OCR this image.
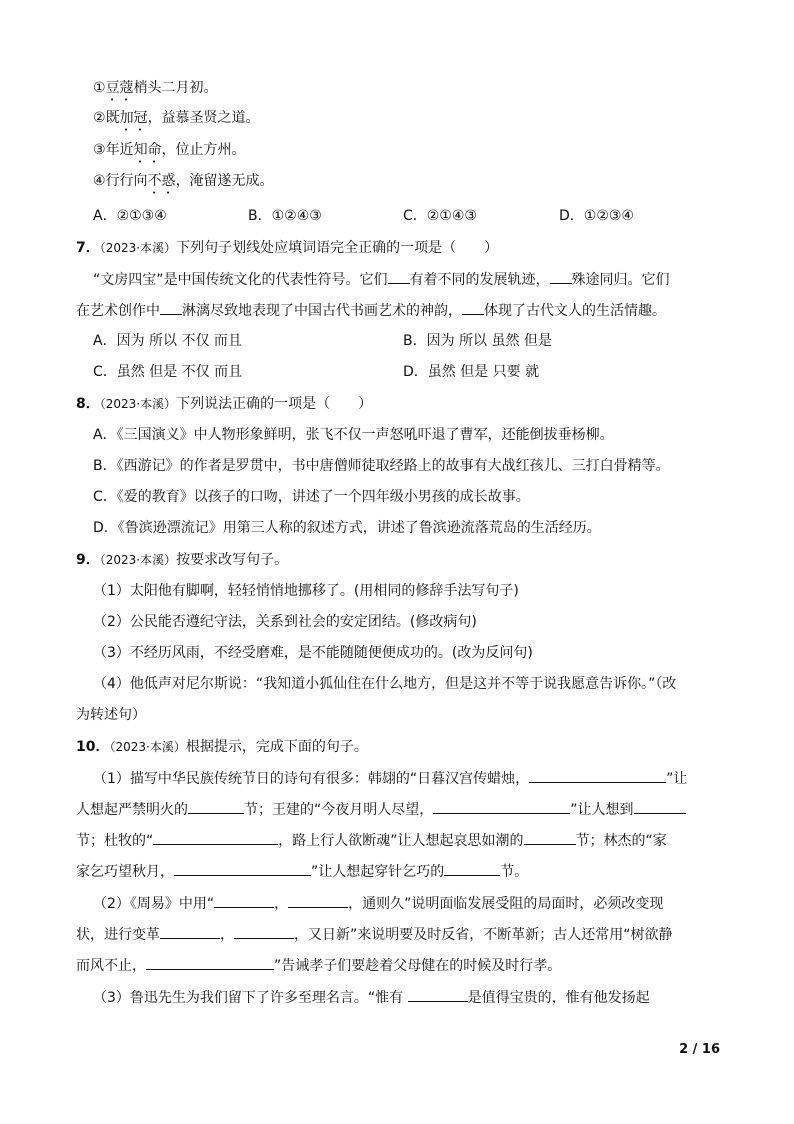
①豆蔻梢头二月初。
②既加冠，益慕圣贤之道。
③年近知命，位止方州。
④行行向不惑，淹留遂无成。
A．②①③④	B．①②④③	C．②①④③	D．①②③④
7．（2023·本溪）下列句子划线处应填词语完全正确的一项是（　　）
“文房四宝”是中国传统文化的代表性符号。它们 有着不同的发展轨迹， 殊途同归。它们
在艺术创作中 淋漓尽致地表现了中国古代书画艺术的神韵， 体现了古代文人的生活情趣。
A．因为 所以 不仅 而且	B．因为 所以 虽然 但是
C．虽然 但是 不仅 而且	D．虽然 但是 只要 就
8．（2023·本溪）下列说法正确的一项是（　　）
A．《三国演义》中人物形象鲜明，张飞不仅一声怒吼吓退了曹军，还能倒拔垂杨柳。
B．《西游记》的作者是罗贯中，书中唐僧师徒取经路上的故事有大战红孩儿、三打白骨精等。
C．《爱的教育》以孩子的口吻，讲述了一个四年级小男孩的成长故事。
D．《鲁滨逊漂流记》用第三人称的叙述方式，讲述了鲁滨逊流落荒岛的生活经历。
9．（2023·本溪）按要求改写句子。
（1）太阳他有脚啊，轻轻悄悄地挪移了。(用相同的修辞手法写句子)
（2）公民能否遵纪守法，关系到社会的安定团结。(修改病句)
（3）不经历风雨，不经受磨难，是不能随随便便成功的。(改为反问句)
（4）他低声对尼尔斯说：“我知道小狐仙住在什么地方，但是这并不等于说我愿意告诉你。”（改
为转述句）
10．（2023·本溪）根据提示，完成下面的句子。
（1）描写中华民族传统节日的诗句有很多：韩翃的“日暮汉宫传蜡烛，	”让
人想起严禁明火的	节；王建的“今夜月明人尽望，	”让人想到
节；杜牧的“	，路上行人欲断魂”让人想起哀思如潮的	节；林杰的“家
家乞巧望秋月，	”让人想起穿针乞巧的	节。
（2）《周易》中用“	，	，通则久”说明面临发展受阻的局面时，必须改变现
状，进行变革	，	，又日新”来说明要及时反省，不断革新；古人还常用“树欲静
而风不止，	”告诫孝子们要趁着父母健在的时候及时行孝。
（3）鲁迅先生为我们留下了许多至理名言。“惟有	是值得宝贵的，惟有他发扬起
2 / 16
